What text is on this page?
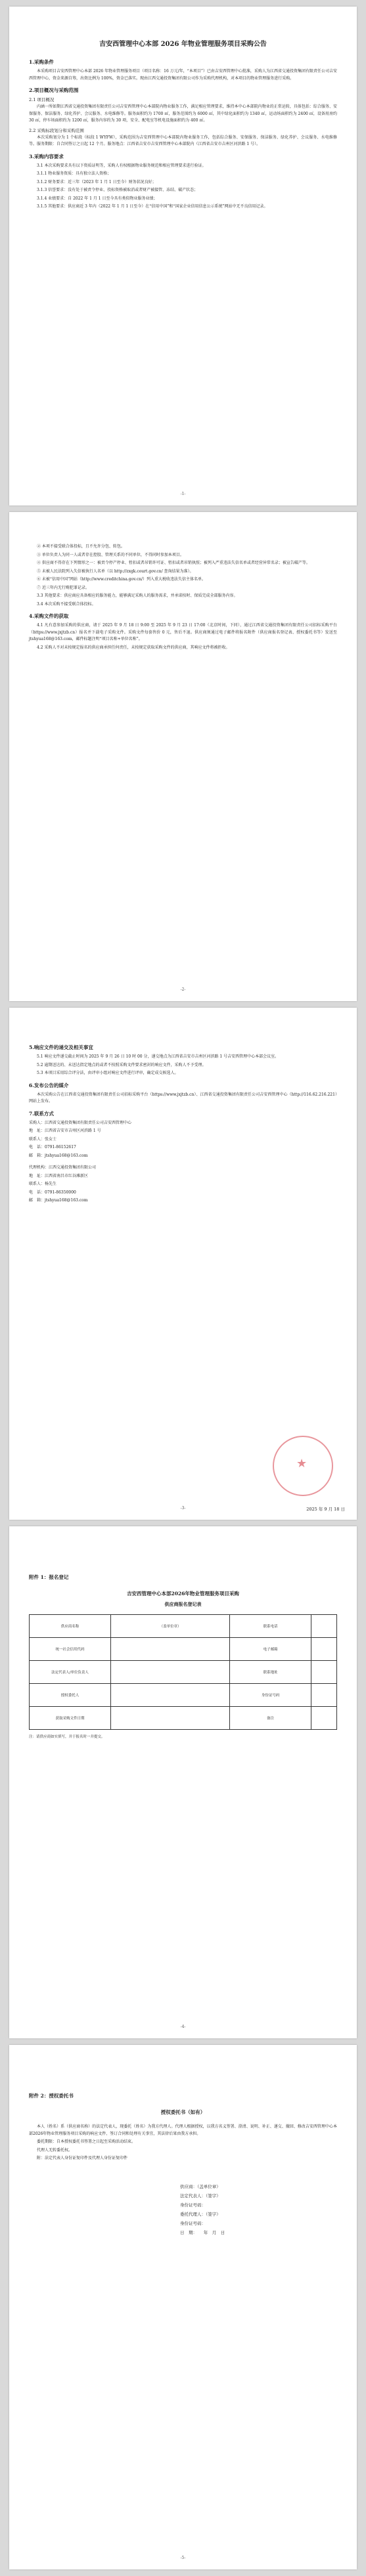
吉安西管理中心本部 2026 年物业管理服务项目采购公告
1.采购条件

本采购项目吉安西管理中心本部 2026 年物业管理服务项目（项目名称：16 万元/年，“本项目”）已由吉安西管理中心批准，采购人为江西省交通投资集团有限责任公司吉安西管理中心，资金来源自筹，出资比例为 100%，资金已落实。现由江西交通投资集团有限公司作为采购代理机构，对本项目的物业管理服务进行采购。

2.项目概况与采购范围
2.1 项目概况

内涵一所如期江西省交通投资集团有限责任公司吉安西管理中心本部院内物业服务工作，满足相应管理要求，维持本中心本部院内物业的正常运转，具体包括：综合服务、安保服务、保洁服务、绿化养护、会议服务、水电维修等。服务面积约为 1700 ㎡，服务范围约为 6000 ㎡，其中绿化面积约为 1340 ㎡，运动场面积约为 2400 ㎡，设备用房约 30 ㎡，停车场面积约为 1200 ㎡，服务内容约为 30 项，安全、配电室等机电设施面积约为 400 ㎡。

2.2 采购标段划分和采购范围

本次采购划分为 1 个标段（标段 1 WYFW），采购范围为吉安西管理中心本部院内物业服务工作，包括综合服务、安保服务、保洁服务、绿化养护、会议服务、水电维修等。服务期限：自合同签订之日起 12 个月。服务地点：江西省吉安市吉安西管理中心本部院内（江西省吉安市吉州区河滨路 1 号）。

3.采购内容要求

3.1 本次采购要求具有以下资质证明等，采购人有权根据物业服务规范和相应管理要求进行验证。

3.1.1 物业服务资质：具有独立法人资格；

3.1.2 财务要求：近三年（2023 年 1 月 1 日至今）财务状况良好；

3.1.3 信誉要求：没有处于被责令停业、投标资格被取消或者财产被接管、冻结、破产状态；

3.1.4 业绩要求：自 2022 年 1 月 1 日至今具有类似物业服务业绩；

3.1.5 其他要求：供应商近 3 年内（2022 年 1 月 1 日至今）在“信用中国”和“国家企业信用信息公示系统”网站中无不良信用记录。

-1-

② 本项不接受联合体投标，且不允许分包、转包。

③ 单位负责人为同一人或者存在控股、管理关系的不同单位，不得同时参加本项目。

④ 供应商不得存在下列情形之一：被责令停产停业、暂扣或者吊销许可证、暂扣或者吊销执照；被列入严重违法失信名单或者经营异常名录；被宣告破产等。

⑤ 未被人民法院列入失信被执行人名单（以 http://zxgk.court.gov.cn/ 查询结果为准）。

⑥ 未被“信用中国”网站（http://www.creditchina.gov.cn/）列入重大税收违法失信主体名单。

⑦ 近三年内无行贿犯罪记录。

3.3 其他要求：供应商应具备相应的服务能力，能够满足采购人的服务需求，并承诺按时、保质完成全部服务内容。

3.4 本次采购不接受联合体投标。

4.采购文件的获取

4.1 凡有意参加采购的供应商，请于 2025 年 9 月 18 日 9:00 至 2025 年 9 月 23 日 17:00（北京时间，下同），通过江西省交通投资集团有限责任公司招标采购平台（https://www.jxjtzb.cn）报名并下载电子采购文件。采购文件每套售价 0 元，售后不退。供应商须通过电子邮件将报名附件（供应商报名登记表、授权委托书等）发送至 jtshyua168@163.com，邮件标题注明“项目名称+单位名称”。

4.2 采购人不对未按规定报名的供应商承担任何责任，未按规定获取采购文件的供应商，其响应文件将被拒收。

-2-
5.响应文件的递交及相关事宜

5.1 响应文件递交截止时间为 2025 年 9 月 26 日 10 时 00 分，递交地点为江西省吉安市吉州区河滨路 1 号吉安西管理中心本部会议室。

5.2 逾期送达的、未送达指定地点的或者不按照采购文件要求密封的响应文件，采购人不予受理。

5.3 本项目采用综合评分法，由评审小组对响应文件进行评审，确定成交候选人。

6.发布公告的媒介

本次采购公告在江西省交通投资集团有限责任公司招标采购平台（https://www.jxjtzb.cn）、江西省交通投资集团有限责任公司吉安西管理中心（http://116.62.216.221）网站上发布。

7.联系方式

采购人：江西省交通投资集团有限责任公司吉安西管理中心

地　址：江西省吉安市吉州区河滨路 1 号

联系人：张女士

电　话：0791-86152617

邮　箱：jtshyua168@163.com

代理机构：江西交通投资集团有限公司

地　址：江西省南昌市红谷滩新区

联系人：杨先生

电　话：0791-86350000

邮　箱：jtshyua168@163.com

★
2025 年 9 月 18 日
-3-
附件 1：报名登记
吉安西管理中心本部2026年物业管理服务项目采购
供应商报名登记表
供应商名称	（盖单位章）	联系电话	
统一社会信用代码		电子邮箱	
法定代表人/单位负责人		联系地址	
授权委托人		身份证号码	
获取采购文件日期		备注	
注：请供应商如实填写，并于报名时一并提交。
-4-
附件 2：授权委托书
授权委托书（如有）

本人（姓名）系（供应商名称）的法定代表人，现委托（姓名）为我方代理人。代理人根据授权，以我方名义签署、澄清、说明、补正、递交、撤回、修改吉安西管理中心本部2026年物业管理服务项目采购的响应文件、签订合同和处理有关事宜，其法律后果由我方承担。

委托期限：自本授权委托书签署之日起至采购活动结束。

代理人无转委托权。

附：法定代表人身份证复印件及代理人身份证复印件

供应商：（盖单位章）
法定代表人：（签字）
身份证号码：
委托代理人：（签字）
身份证号码：
日　期：　　年　月　日
-5-
